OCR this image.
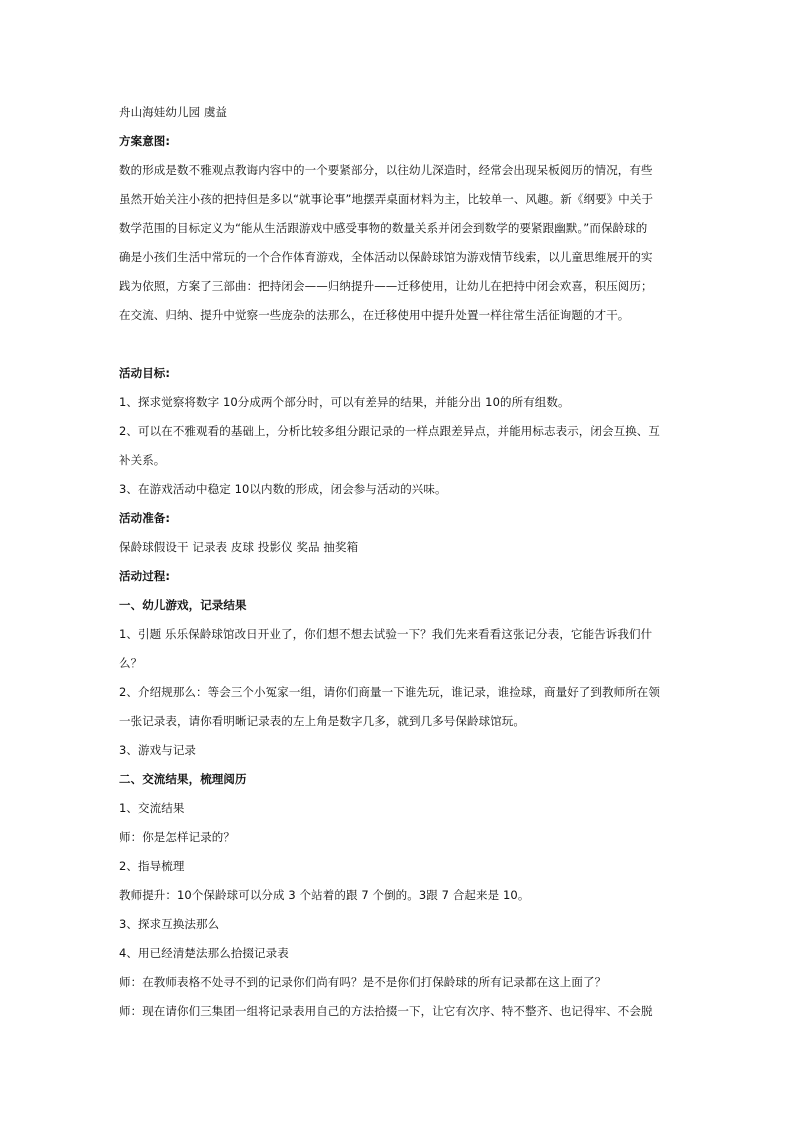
舟山海娃幼儿园 虞益
方案意图:
数的形成是数不雅观点教诲内容中的一个要紧部分，以往幼儿深造时，经常会出现呆板阅历的情况，有些
虽然开始关注小孩的把持但是多以“就事论事”地摆弄桌面材料为主，比较单一、风趣。新《纲要》中关于
数学范围的目标定义为“能从生活跟游戏中感受事物的数量关系并闭会到数学的要紧跟幽默。”而保龄球的
确是小孩们生活中常玩的一个合作体育游戏，全体活动以保龄球馆为游戏情节线索，以儿童思维展开的实
践为依照，方案了三部曲：把持闭会——归纳提升——迁移使用，让幼儿在把持中闭会欢喜，积压阅历；
在交流、归纳、提升中觉察一些庞杂的法那么，在迁移使用中提升处置一样往常生活征询题的才干。
活动目标:
1、探求觉察将数字 10分成两个部分时，可以有差异的结果，并能分出 10的所有组数。
2、可以在不雅观看的基础上，分析比较多组分跟记录的一样点跟差异点，并能用标志表示，闭会互换、互
补关系。
3、在游戏活动中稳定 10以内数的形成，闭会参与活动的兴味。
活动准备:
保龄球假设干 记录表 皮球 投影仪 奖品 抽奖箱
活动过程:
一、幼儿游戏，记录结果
1、引题 乐乐保龄球馆改日开业了，你们想不想去试验一下？我们先来看看这张记分表，它能告诉我们什
么？
2、介绍规那么：等会三个小冤家一组，请你们商量一下谁先玩，谁记录，谁捡球，商量好了到教师所在领
一张记录表，请你看明晰记录表的左上角是数字几多，就到几多号保龄球馆玩。
3、游戏与记录
二、交流结果，梳理阅历
1、交流结果
师：你是怎样记录的？
2、指导梳理
教师提升：10个保龄球可以分成 3 个站着的跟 7 个倒的。3跟 7 合起来是 10。
3、探求互换法那么
4、用已经清楚法那么拾掇记录表
师：在教师表格不处寻不到的记录你们尚有吗？是不是你们打保龄球的所有记录都在这上面了？
师：现在请你们三集团一组将记录表用自己的方法拾掇一下，让它有次序、特不整齐、也记得牢、不会脱
